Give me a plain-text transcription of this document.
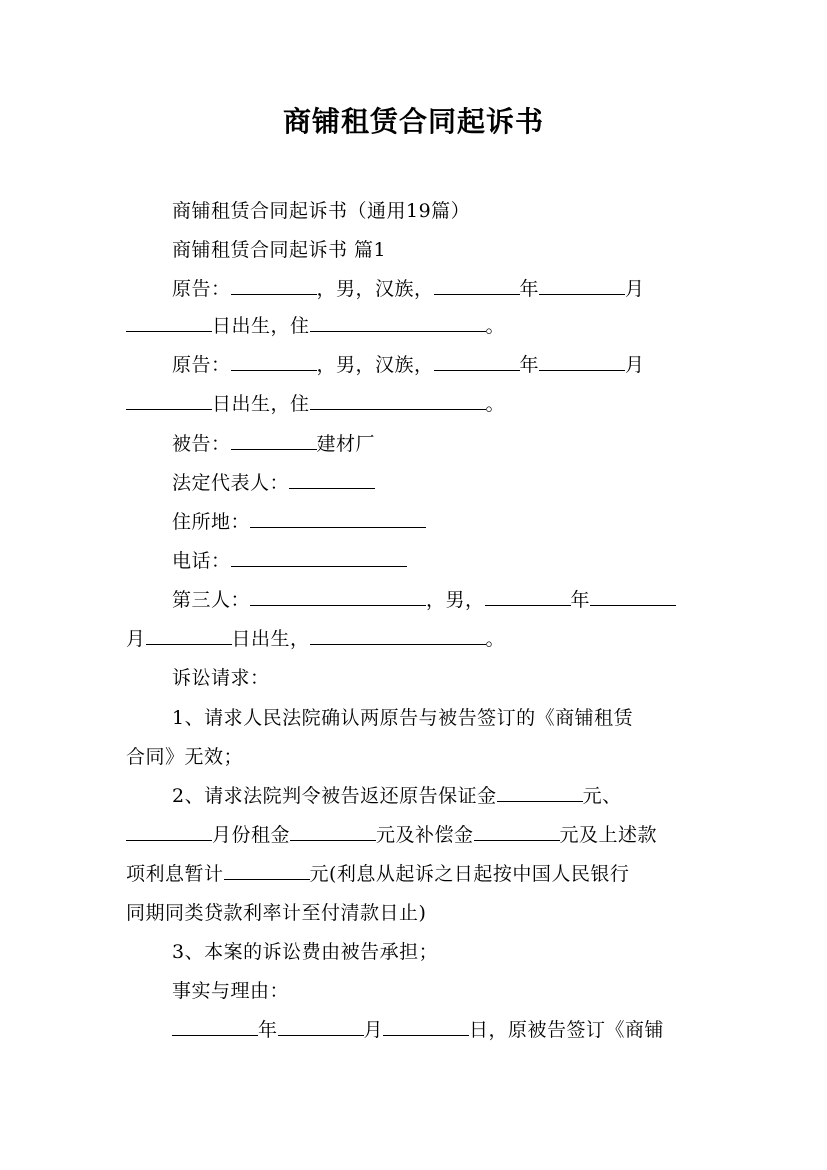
商铺租赁合同起诉书
商铺租赁合同起诉书（通用19篇）
商铺租赁合同起诉书 篇1
原告：	，男，汉族，	年	月
日出生，住	。
原告：	，男，汉族，	年	月
日出生，住	。
被告：	建材厂
法定代表人：
住所地：
电话：
第三人：	，男，	年
月	日出生，	。
诉讼请求：
1、请求人民法院确认两原告与被告签订的《商铺租赁
合同》无效；
2、请求法院判令被告返还原告保证金	元、
月份租金	元及补偿金	元及上述款
项利息暂计	元(利息从起诉之日起按中国人民银行
同期同类贷款利率计至付清款日止)
3、本案的诉讼费由被告承担；
事实与理由：
年	月	日，原被告签订《商铺
